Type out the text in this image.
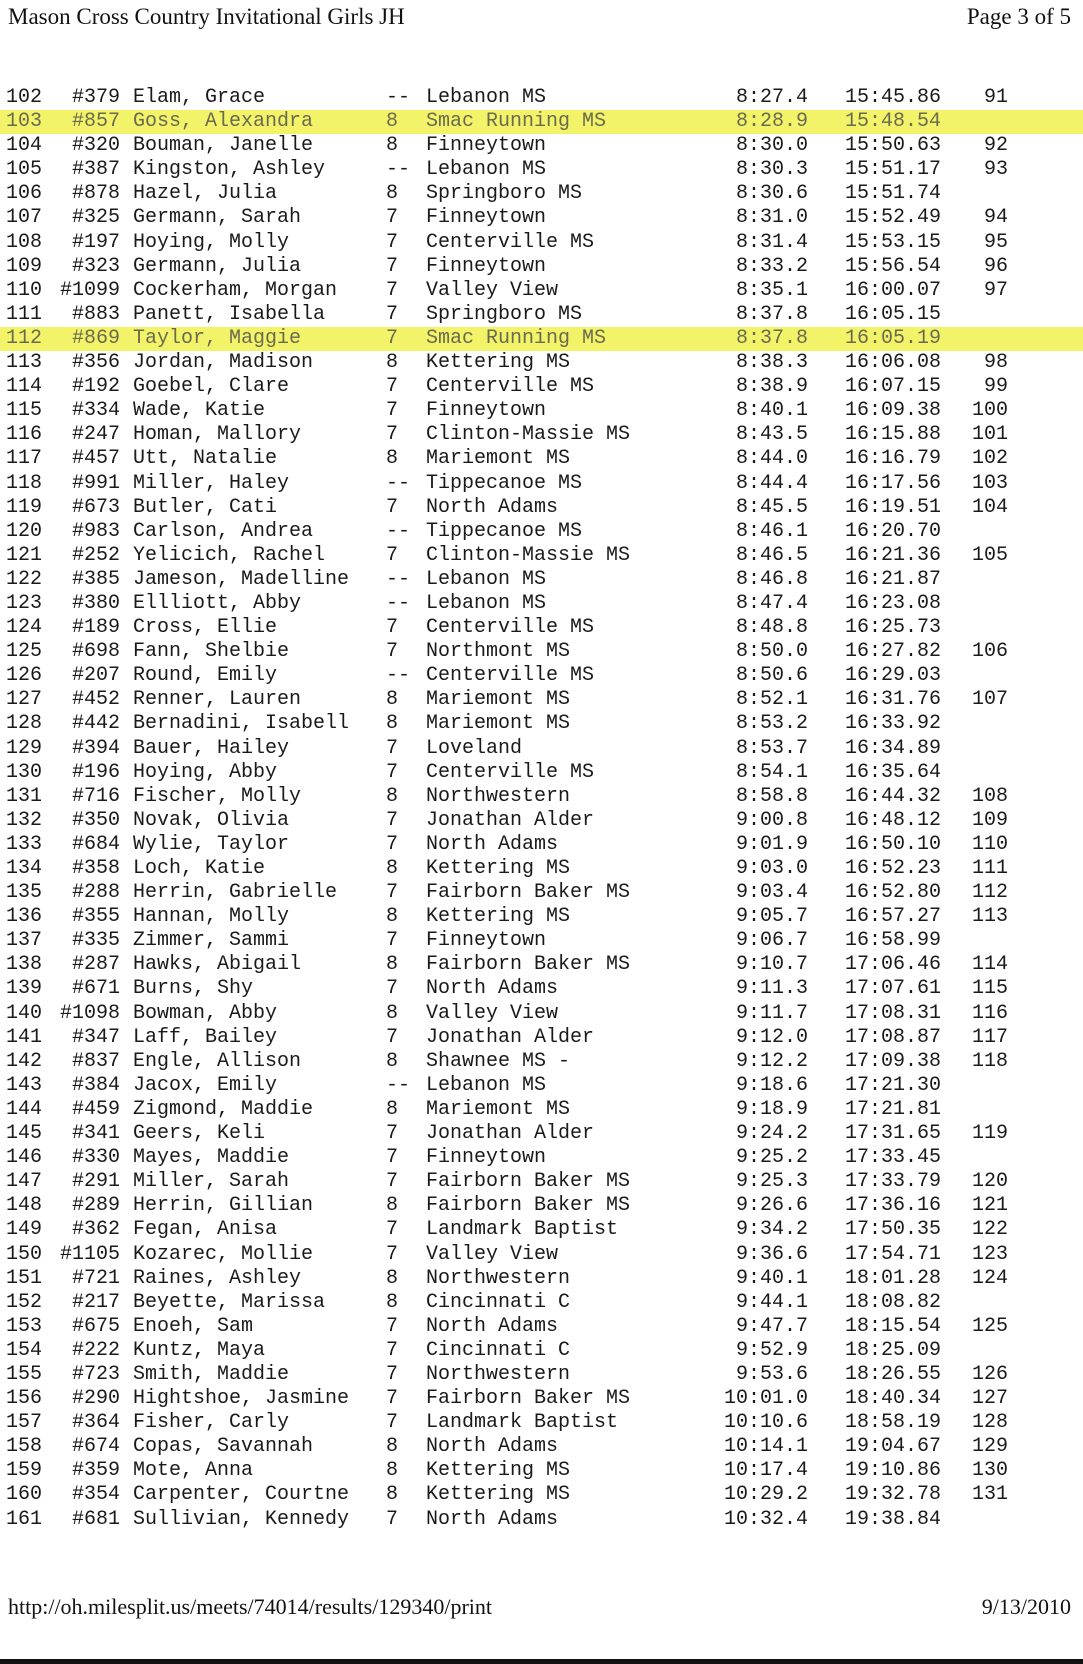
Mason Cross Country Invitational Girls JH	Page 3 of 5
102	#379 Elam, Grace	-- Lebanon MS	8:27.4 15:45.86	91
103	#857 Goss, Alexandra	8 Smac Running MS	8:28.9 15:48.54
104	#320 Bouman, Janelle	8 Finneytown	8:30.0 15:50.63	92
105	#387 Kingston, Ashley	-- Lebanon MS	8:30.3 15:51.17	93
106	#878 Hazel, Julia	8 Springboro MS	8:30.6 15:51.74
107	#325 Germann, Sarah	7 Finneytown	8:31.0 15:52.49	94
108	#197 Hoying, Molly	7 Centerville MS	8:31.4 15:53.15	95
109	#323 Germann, Julia	7 Finneytown	8:33.2 15:56.54	96
110 #1099 Cockerham, Morgan 7 Valley View	8:35.1 16:00.07	97
111	#883 Panett, Isabella	7 Springboro MS	8:37.8 16:05.15
112	#869 Taylor, Maggie	7 Smac Running MS	8:37.8 16:05.19
113	#356 Jordan, Madison	8 Kettering MS	8:38.3 16:06.08	98
114	#192 Goebel, Clare	7 Centerville MS	8:38.9 16:07.15	99
115	#334 Wade, Katie	7 Finneytown	8:40.1 16:09.38	100
116	#247 Homan, Mallory	7 Clinton-Massie MS	8:43.5 16:15.88	101
117	#457 Utt, Natalie	8 Mariemont MS	8:44.0 16:16.79	102
118	#991 Miller, Haley	-- Tippecanoe MS	8:44.4 16:17.56	103
119	#673 Butler, Cati	7 North Adams	8:45.5 16:19.51	104
120	#983 Carlson, Andrea	-- Tippecanoe MS	8:46.1 16:20.70
121	#252 Yelicich, Rachel	7 Clinton-Massie MS	8:46.5 16:21.36	105
122	#385 Jameson, Madelline -- Lebanon MS	8:46.8 16:21.87
123	#380 Ellliott, Abby	-- Lebanon MS	8:47.4 16:23.08
124	#189 Cross, Ellie	7 Centerville MS	8:48.8 16:25.73
125	#698 Fann, Shelbie	7 Northmont MS	8:50.0 16:27.82	106
126	#207 Round, Emily	-- Centerville MS	8:50.6 16:29.03
127	#452 Renner, Lauren	8 Mariemont MS	8:52.1 16:31.76	107
128	#442 Bernadini, Isabell 8 Mariemont MS	8:53.2 16:33.92
129	#394 Bauer, Hailey	7 Loveland	8:53.7 16:34.89
130	#196 Hoying, Abby	7 Centerville MS	8:54.1 16:35.64
131	#716 Fischer, Molly	8 Northwestern	8:58.8 16:44.32	108
132	#350 Novak, Olivia	7 Jonathan Alder	9:00.8 16:48.12	109
133	#684 Wylie, Taylor	7 North Adams	9:01.9 16:50.10	110
134	#358 Loch, Katie	8 Kettering MS	9:03.0 16:52.23	111
135	#288 Herrin, Gabrielle 7 Fairborn Baker MS	9:03.4 16:52.80	112
136	#355 Hannan, Molly	8 Kettering MS	9:05.7 16:57.27	113
137	#335 Zimmer, Sammi	7 Finneytown	9:06.7 16:58.99
138	#287 Hawks, Abigail	8 Fairborn Baker MS	9:10.7 17:06.46	114
139	#671 Burns, Shy	7 North Adams	9:11.3 17:07.61	115
140 #1098 Bowman, Abby	8 Valley View	9:11.7 17:08.31	116
141	#347 Laff, Bailey	7 Jonathan Alder	9:12.0 17:08.87	117
142	#837 Engle, Allison	8 Shawnee MS -	9:12.2 17:09.38	118
143	#384 Jacox, Emily	-- Lebanon MS	9:18.6 17:21.30
144	#459 Zigmond, Maddie	8 Mariemont MS	9:18.9 17:21.81
145	#341 Geers, Keli	7 Jonathan Alder	9:24.2 17:31.65	119
146	#330 Mayes, Maddie	7 Finneytown	9:25.2 17:33.45
147	#291 Miller, Sarah	7 Fairborn Baker MS	9:25.3 17:33.79	120
148	#289 Herrin, Gillian	8 Fairborn Baker MS	9:26.6 17:36.16	121
149	#362 Fegan, Anisa	7 Landmark Baptist	9:34.2 17:50.35	122
150 #1105 Kozarec, Mollie	7 Valley View	9:36.6 17:54.71	123
151	#721 Raines, Ashley	8 Northwestern	9:40.1 18:01.28	124
152	#217 Beyette, Marissa	8 Cincinnati C	9:44.1 18:08.82
153	#675 Enoeh, Sam	7 North Adams	9:47.7 18:15.54	125
154	#222 Kuntz, Maya	7 Cincinnati C	9:52.9 18:25.09
155	#723 Smith, Maddie	7 Northwestern	9:53.6 18:26.55	126
156	#290 Hightshoe, Jasmine 7 Fairborn Baker MS	10:01.0 18:40.34	127
157	#364 Fisher, Carly	7 Landmark Baptist	10:10.6 18:58.19	128
158	#674 Copas, Savannah	8 North Adams	10:14.1 19:04.67	129
159	#359 Mote, Anna	8 Kettering MS	10:17.4 19:10.86	130
160	#354 Carpenter, Courtne 8 Kettering MS	10:29.2 19:32.78	131
161	#681 Sullivian, Kennedy 7 North Adams	10:32.4 19:38.84
http://oh.milesplit.us/meets/74014/results/129340/print	9/13/2010
